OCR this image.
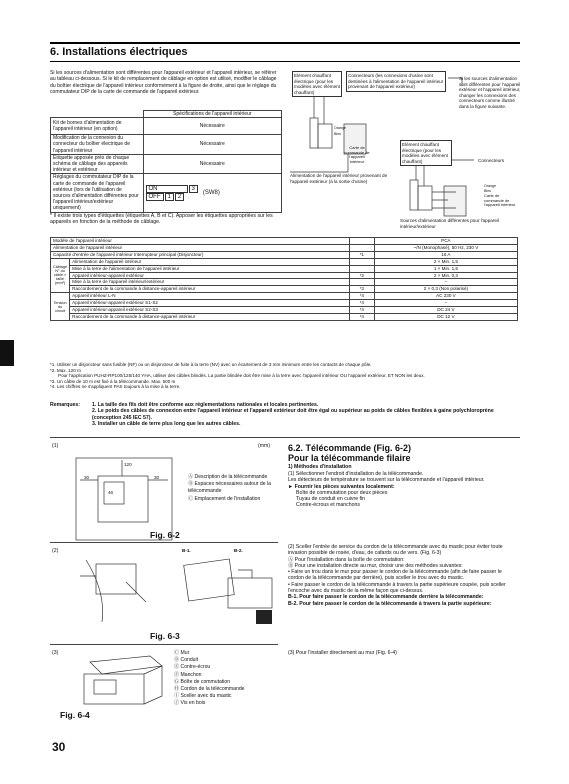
6. Installations électriques
Si les sources d'alimentation sont différentes pour l'appareil extérieur et l'appareil intérieur, se référer au tableau ci-dessous. Si le kit de remplacement de câblage en option est utilisé, modifier le câblage du boîtier électrique de l'appareil intérieur conformément à la figure de droite, ainsi que le réglage du commutateur DIP de la carte de commande de l'appareil extérieur.
	Spécifications de l'appareil intérieur
Kit de bornes d'alimentation de l'appareil intérieur (en option)	Nécessaire
Modification de la connexion du connecteur du boîtier électrique de l'appareil intérieur	Nécessaire
Etiquette apposée près de chaque schéma de câblage des appareils intérieur et extérieur	Nécessaire
Réglages du commutateur DIP de la carte de commande de l'appareil extérieur (lors de l'utilisation de sources d'alimentation différentes pour l'appareil intérieur/extérieur uniquement)	ON 3
OFF 1 2
(SW8)
* Il existe trois types d'étiquettes (étiquettes A, B et C). Apposer les étiquettes appropriées sur les appareils en fonction de la méthode de câblage.
Elément chauffant électrique (pour les modèles avec élément chauffant)
Connecteurs (les connexions d'usine sont destinées à l'alimentation de l'appareil intérieur provenant de l'appareil extérieur)
Si les sources d'alimentation sont différentes pour l'appareil extérieur et l'appareil intérieur, changer les connexions des connecteurs comme illustré dans la figure suivante.
Orange
Bleu
Carte de commande de l'appareil intérieur
Alimentation de l'appareil intérieur provenant de l'appareil extérieur (à la sortie d'usine)
Elément chauffant électrique (pour les modèles avec élément chauffant)	Connecteurs
Orange
Bleu
Carte de commande de l'appareil intérieur
Sources d'alimentation différentes pour l'appareil intérieur/extérieur
Modèle de l'appareil intérieur			PCA
Alimentation de l'appareil intérieur			~/N (Monophasé), 50 Hz, 230 V
Capacité d'entrée de l'appareil intérieur Interrupteur principal (Disjoncteur)		*1	16 A
Câblage N° du câble × taille (mm²)	Alimentation de l'appareil intérieur		2 × Min. 1,5
	Mise à la terre de l'alimentation de l'appareil intérieur		1 × Min. 1,5
	Appareil intérieur-appareil extérieur	*2	2 × Min. 0,3
	Mise à la terre de l'appareil intérieur/extérieur		–
	Raccordement de la commande à distance-appareil intérieur	*3	2 × 0,3 (Non polarisé)
Tension du circuit	Appareil intérieur L-N	*4	AC 230 V
	Appareil intérieur-appareil extérieur S1-S2	*4	–
	Appareil intérieur-appareil extérieur S2-S3	*4	DC 24 V
	Raccordement de la commande à distance-appareil intérieur	*4	DC 12 V
*1. Utiliser un disjoncteur sans fusible (NF) ou un disjoncteur de fuite à la terre (NV) avec un écartement de 3 mm minimum entre les contacts de chaque pôle.
*2. Max. 120 m
Pour l'application PUHZ-RP100/125/140 YHA, utiliser des câbles blindés. La partie blindée doit être mise à la terre avec l'appareil intérieur OU l'appareil extérieur, ET NON les deux.
*3. Un câble de 10 m est fixé à la télécommande. Max. 500 m
*4. Les chiffres ne s'appliquent PAS toujours à la mise à la terre.
Remarques: 1. La taille des fils doit être conforme aux réglementations nationales et locales pertinentes.
2. Le poids des câbles de connexion entre l'appareil intérieur et l'appareil extérieur doit être égal ou supérieur au poids de câbles flexibles à gaine polychloroprène (conception 245 IEC 57).
3. Installer un câble de terre plus long que les autres câbles.
(1)	(mm)
30	30
120
46
Ⓐ Description de la télécommande
Ⓑ Espaces nécessaires autour de la télécommande
Ⓒ Emplacement de l'installation
Fig. 6-2
6.2. Télécommande (Fig. 6-2)
Pour la télécommande filaire
1) Méthodes d'installation
(1) Sélectionner l'endroit d'installation de la télécommande.
Les détecteurs de température se trouvent sur la télécommande et l'appareil intérieur.
► Fournir les pièces suivantes localement:
Boîte de commutation pour deux pièces
Tuyau de conduit en cuivre fin
Contre-écrous et manchons
(2)	B-1.	B-2.
Fig. 6-3
(2) Sceller l'entrée de service du cordon de la télécommande avec du mastic pour éviter toute invasion possible de rosée, d'eau, de cafards ou de vers. (Fig. 6-3)
Ⓐ Pour l'installation dans la boîte de commutation:
Ⓑ Pour une installation directe au mur, choisir une des méthodes suivantes:
• Faire un trou dans le mur pour passer le cordon de la télécommande (afin de faire passer le cordon de la télécommande par derrière), puis sceller le trou avec du mastic.
• Faire passer le cordon de la télécommande à travers la partie supérieure coupée, puis sceller l'encoche avec du mastic de la même façon que ci-dessus.
B-1. Pour faire passer le cordon de la télécommande derrière la télécommande:
B-2. Pour faire passer le cordon de la télécommande à travers la partie supérieure:
(3)	Ⓒ Mur
Ⓓ Conduit
Ⓔ Contre-écrou
Ⓕ Manchon
Ⓖ Boîte de commutation
Ⓗ Cordon de la télécommande
Ⓘ Sceller avec du mastic
Ⓙ Vis en bois
Fig. 6-4
(3) Pour l'installer directement au mur (Fig. 6-4)
30
